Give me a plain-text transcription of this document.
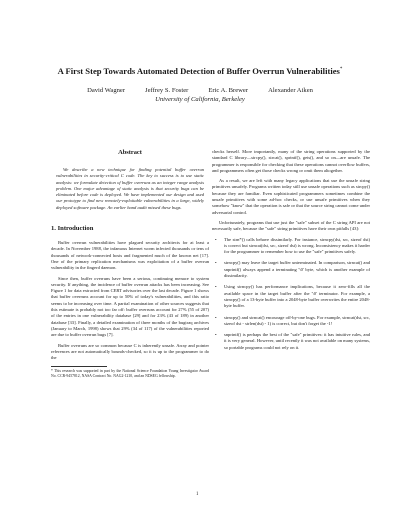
A First Step Towards Automated Detection of Buffer Overrun Vulnerabilities*
David Wagner	Jeffrey S. Foster	Eric A. Brewer	Alexander Aiken
University of California, Berkeley
Abstract

We describe a new technique for finding potential buffer overrun vulnerabilities in security-critical C code. The key to success is to use static analysis: we formulate detection of buffer overruns as an integer range analysis problem. One major advantage of static analysis is that security bugs can be eliminated before code is deployed. We have implemented our design and used our prototype to find new remotely-exploitable vulnerabilities in a large, widely deployed software package. An earlier hand audit missed these bugs.

1. Introduction

Buffer overrun vulnerabilities have plagued security architects for at least a decade. In November 1988, the infamous Internet worm infected thousands or tens of thousands of network-connected hosts and fragmented much of the known net [17]. One of the primary replication mechanisms was exploitation of a buffer overrun vulnerability in the fingerd daemon.

Since then, buffer overruns have been a serious, continuing menace to system security. If anything, the incidence of buffer overrun attacks has been increasing. See Figure 1 for data extracted from CERT advisories over the last decade. Figure 1 shows that buffer overruns account for up to 50% of today's vulnerabilities, and this ratio seems to be increasing over time. A partial examination of other sources suggests that this estimate is probably not too far off: buffer overruns account for 27% (55 of 207) of the entries in one vulnerability database [29] and for 23% (43 of 189) in another database [33]. Finally, a detailed examination of three months of the bugtraq archives (January to March, 1998) shows that 29% (34 of 117) of the vulnerabilities reported are due to buffer overrun bugs [7].

Buffer overruns are so common because C is inherently unsafe. Array and pointer references are not automatically bounds-checked, so it is up to the programmer to do the

* This research was supported in part by the National Science Foundation Young Investigator Award No. CCR-9457812, NASA Contract No. NAG2-1210, and an NDSEG fellowship.

checks herself. More importantly, many of the string operations supported by the standard C library—strcpy(), strcat(), sprintf(), gets(), and so on—are unsafe. The programmer is responsible for checking that these operations cannot overflow buffers, and programmers often get those checks wrong or omit them altogether.

As a result, we are left with many legacy applications that use the unsafe string primitives unsafely. Programs written today still use unsafe operations such as strcpy() because they are familiar. Even sophisticated programmers sometimes combine the unsafe primitives with some ad-hoc checks, or use unsafe primitives when they somehow "know" that the operation is safe or that the source string cannot come under adversarial control.

Unfortunately, programs that use just the "safe" subset of the C string API are not necessarily safe, because the "safe" string primitives have their own pitfalls [43]:

• The strn*() calls behave dissimilarly. For instance, strncpy(dst, src, sizeof dst) is correct but strncat(dst, src, sizeof dst) is wrong. Inconsistency makes it harder for the programmer to remember how to use the "safe" primitives safely.
• strncpy() may leave the target buffer unterminated. In comparison, strncat() and snprintf() always append a terminating '\0' byte, which is another example of dissimilarity.
• Using strncpy() has performance implications, because it zero-fills all the available space in the target buffer after the '\0' terminator. For example, a strncpy() of a 13-byte buffer into a 2048-byte buffer overwrites the entire 2048-byte buffer.
• strncpy() and strncat() encourage off-by-one bugs. For example, strncat(dst, src, sizeof dst - strlen(dst) - 1) is correct, but don't forget the -1!
• snprintf() is perhaps the best of the "safe" primitives: it has intuitive rules, and it is very general. However, until recently it was not available on many systems, so portable programs could not rely on it.
1
